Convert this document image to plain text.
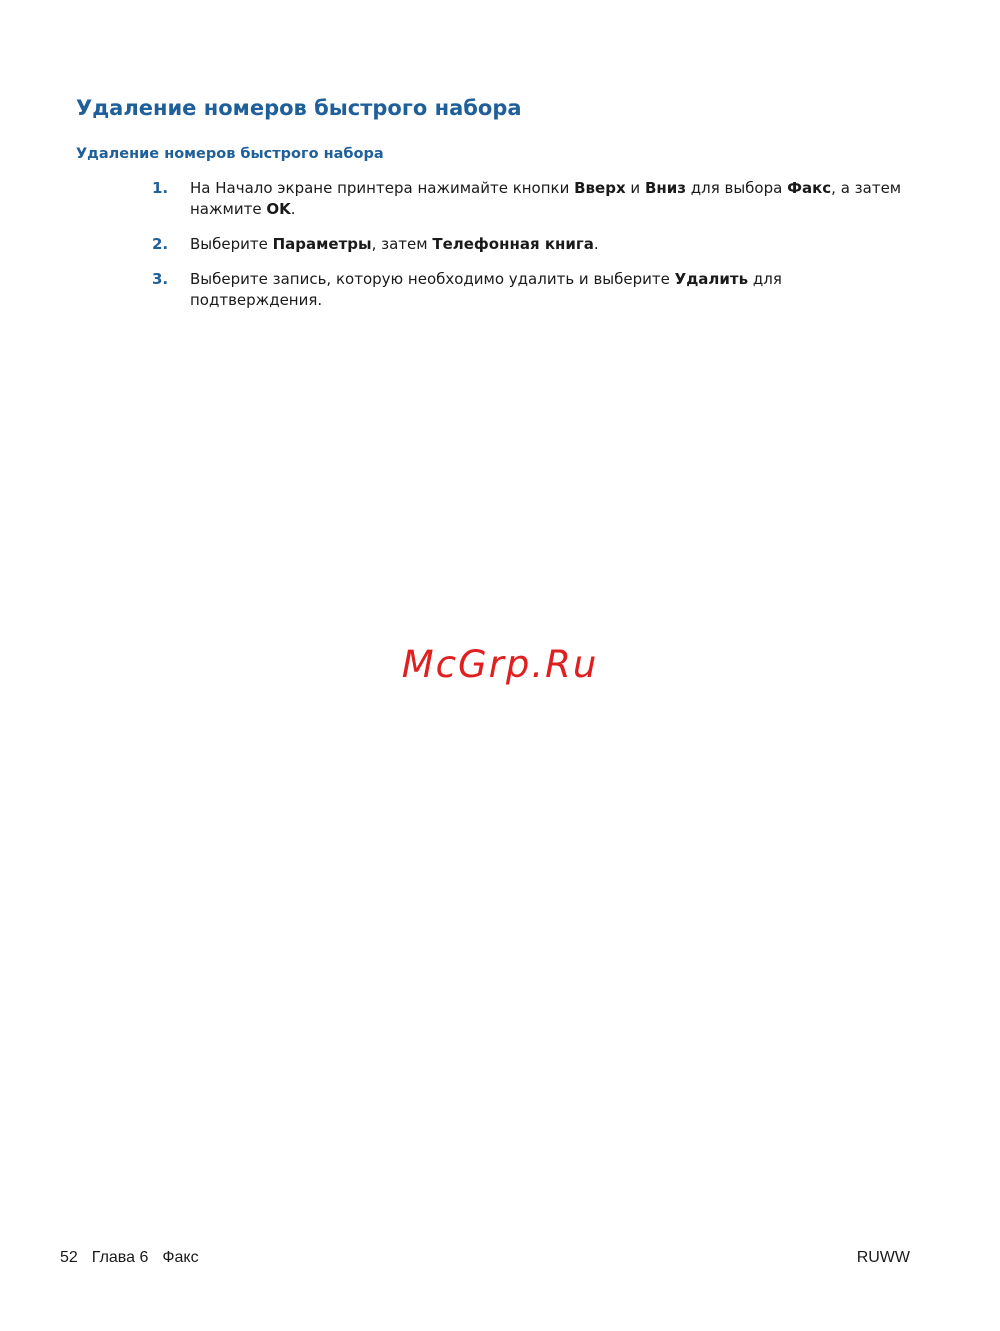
Удаление номеров быстрого набора
Удаление номеров быстрого набора
1. На Начало экране принтера нажимайте кнопки Вверх и Вниз для выбора Факс, а затем нажмите OK.
2. Выберите Параметры, затем Телефонная книга.
3. Выберите запись, которую необходимо удалить и выберите Удалить для подтверждения.
McGrp.Ru
52 Глава 6 Факс	RUWW
